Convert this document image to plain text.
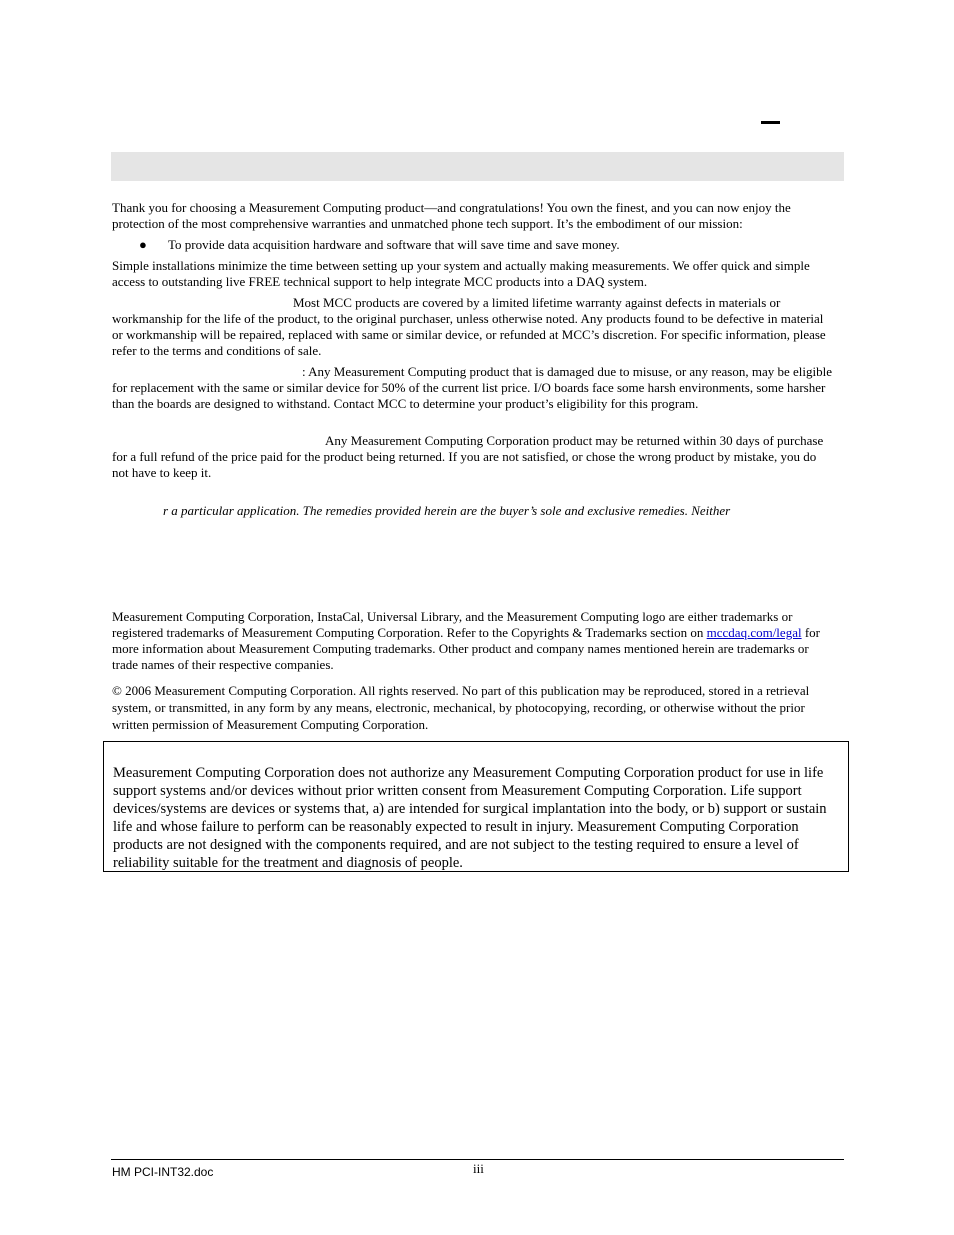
Thank you for choosing a Measurement Computing product—and congratulations! You own the finest, and you can now enjoy the protection of the most comprehensive warranties and unmatched phone tech support. It’s the embodiment of our mission:

● To provide data acquisition hardware and software that will save time and save money.

Simple installations minimize the time between setting up your system and actually making measurements. We offer quick and simple access to outstanding live FREE technical support to help integrate MCC products into a DAQ system.

Most MCC products are covered by a limited lifetime warranty against defects in materials or workmanship for the life of the product, to the original purchaser, unless otherwise noted. Any products found to be defective in material or workmanship will be repaired, replaced with same or similar device, or refunded at MCC’s discretion. For specific information, please refer to the terms and conditions of sale.

: Any Measurement Computing product that is damaged due to misuse, or any reason, may be eligible for replacement with the same or similar device for 50% of the current list price. I/O boards face some harsh environments, some harsher than the boards are designed to withstand. Contact MCC to determine your product’s eligibility for this program.

Any Measurement Computing Corporation product may be returned within 30 days of purchase for a full refund of the price paid for the product being returned. If you are not satisfied, or chose the wrong product by mistake, you do not have to keep it.

r a particular application. The remedies provided herein are the buyer’s sole and exclusive remedies. Neither

Measurement Computing Corporation, InstaCal, Universal Library, and the Measurement Computing logo are either trademarks or registered trademarks of Measurement Computing Corporation. Refer to the Copyrights & Trademarks section on mccdaq.com/legal for more information about Measurement Computing trademarks. Other product and company names mentioned herein are trademarks or trade names of their respective companies.

© 2006 Measurement Computing Corporation. All rights reserved. No part of this publication may be reproduced, stored in a retrieval system, or transmitted, in any form by any means, electronic, mechanical, by photocopying, recording, or otherwise without the prior written permission of Measurement Computing Corporation.

Measurement Computing Corporation does not authorize any Measurement Computing Corporation product for use in life support systems and/or devices without prior written consent from Measurement Computing Corporation. Life support devices/systems are devices or systems that, a) are intended for surgical implantation into the body, or b) support or sustain life and whose failure to perform can be reasonably expected to result in injury. Measurement Computing Corporation products are not designed with the components required, and are not subject to the testing required to ensure a level of reliability suitable for the treatment and diagnosis of people.

HM PCI-INT32.doc	iii
